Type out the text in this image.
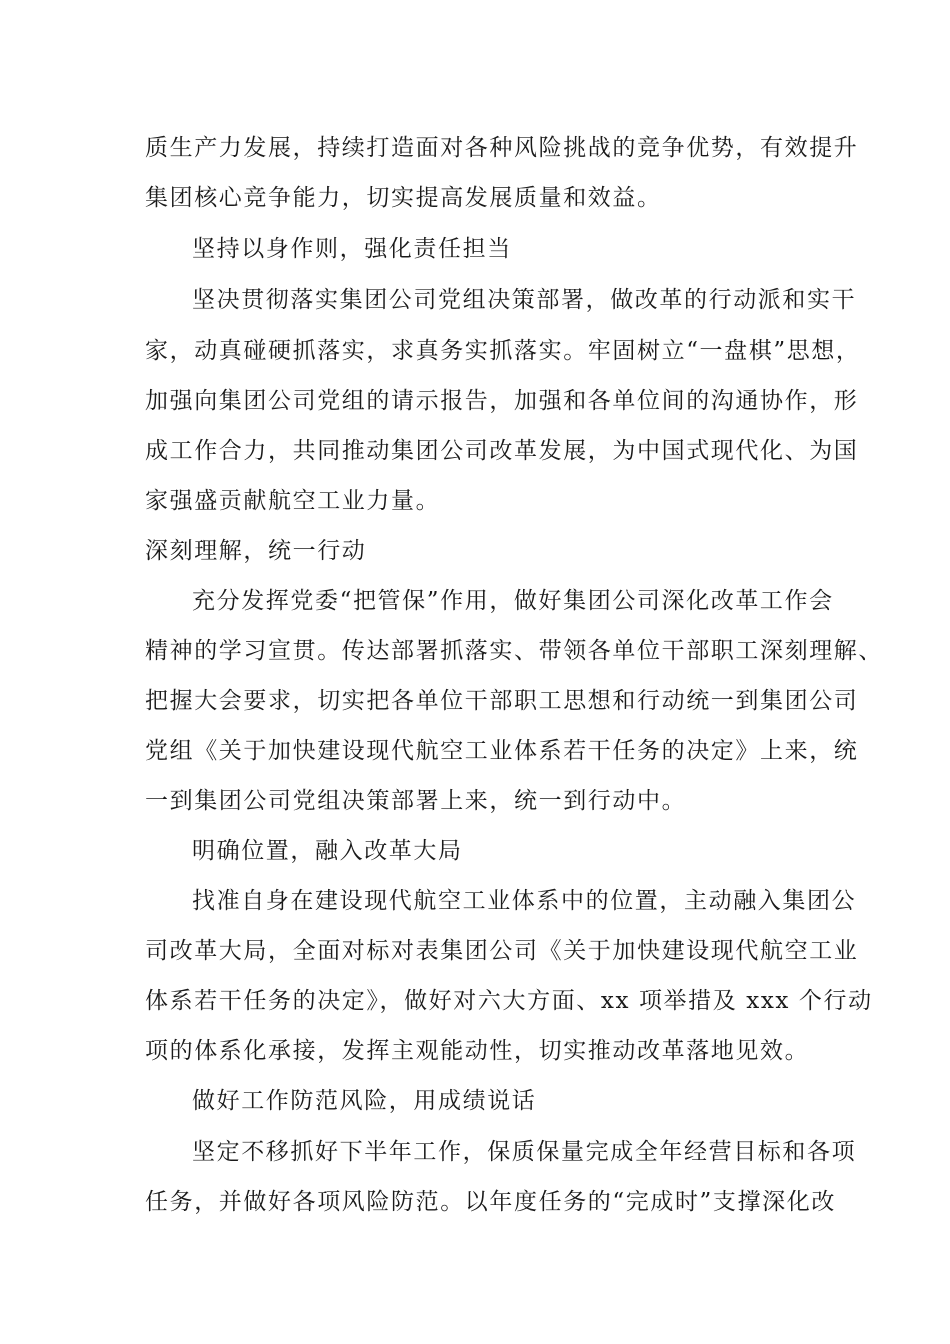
质生产力发展，持续打造面对各种风险挑战的竞争优势，有效提升
集团核心竞争能力，切实提高发展质量和效益。
坚持以身作则，强化责任担当
坚决贯彻落实集团公司党组决策部署，做改革的行动派和实干
家，动真碰硬抓落实，求真务实抓落实。牢固树立“一盘棋”思想，
加强向集团公司党组的请示报告，加强和各单位间的沟通协作，形
成工作合力，共同推动集团公司改革发展，为中国式现代化、为国
家强盛贡献航空工业力量。
深刻理解，统一行动
充分发挥党委“把管保”作用，做好集团公司深化改革工作会
精神的学习宣贯。传达部署抓落实、带领各单位干部职工深刻理解、
把握大会要求，切实把各单位干部职工思想和行动统一到集团公司
党组《关于加快建设现代航空工业体系若干任务的决定》上来，统
一到集团公司党组决策部署上来，统一到行动中。
明确位置，融入改革大局
找准自身在建设现代航空工业体系中的位置，主动融入集团公
司改革大局，全面对标对表集团公司《关于加快建设现代航空工业
体系若干任务的决定》，做好对六大方面、xx 项举措及 xxx 个行动
项的体系化承接，发挥主观能动性，切实推动改革落地见效。
做好工作防范风险，用成绩说话
坚定不移抓好下半年工作，保质保量完成全年经营目标和各项
任务，并做好各项风险防范。以年度任务的“完成时”支撑深化改
